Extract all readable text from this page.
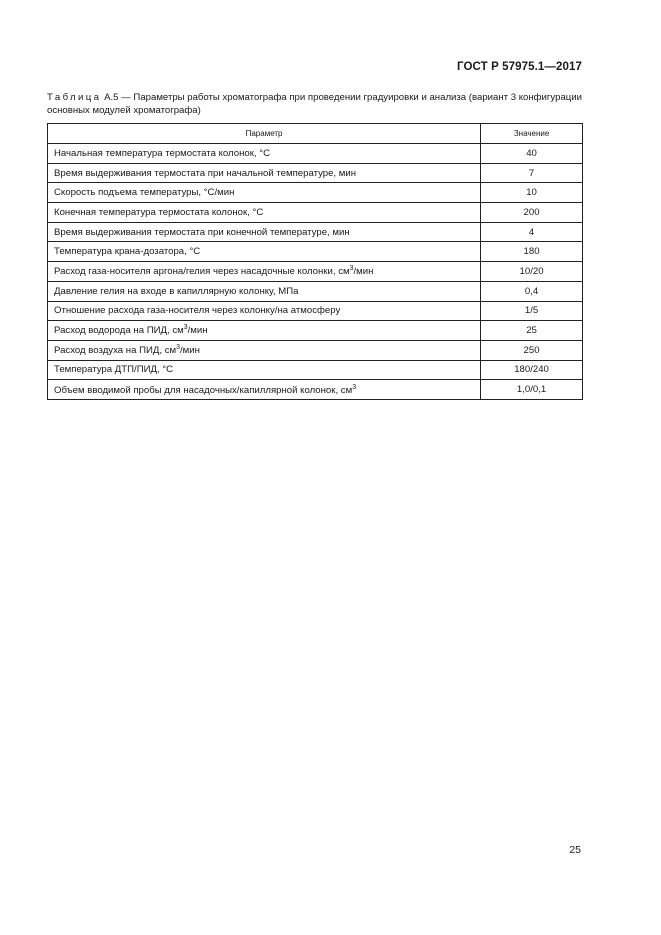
ГОСТ Р 57975.1—2017
Таблица А.5 — Параметры работы хроматографа при проведении градуировки и анализа (вариант 3 конфигурации основных модулей хроматографа)
Параметр	Значение
Начальная температура термостата колонок, °С	40
Время выдерживания термостата при начальной температуре, мин	7
Скорость подъема температуры, °С/мин	10
Конечная температура термостата колонок, °С	200
Время выдерживания термостата при конечной температуре, мин	4
Температура крана-дозатора, °С	180
Расход газа-носителя аргона/гелия через насадочные колонки, $см^3$/мин	10/20
Давление гелия на входе в капиллярную колонку, МПа	0,4
Отношение расхода газа-носителя через колонку/на атмосферу	1/5
Расход водорода на ПИД, $см^3$/мин	25
Расход воздуха на ПИД, $см^3$/мин	250
Температура ДТП/ПИД, °С	180/240
Объем вводимой пробы для насадочных/капиллярной колонок, $см^3$	1,0/0,1
25
